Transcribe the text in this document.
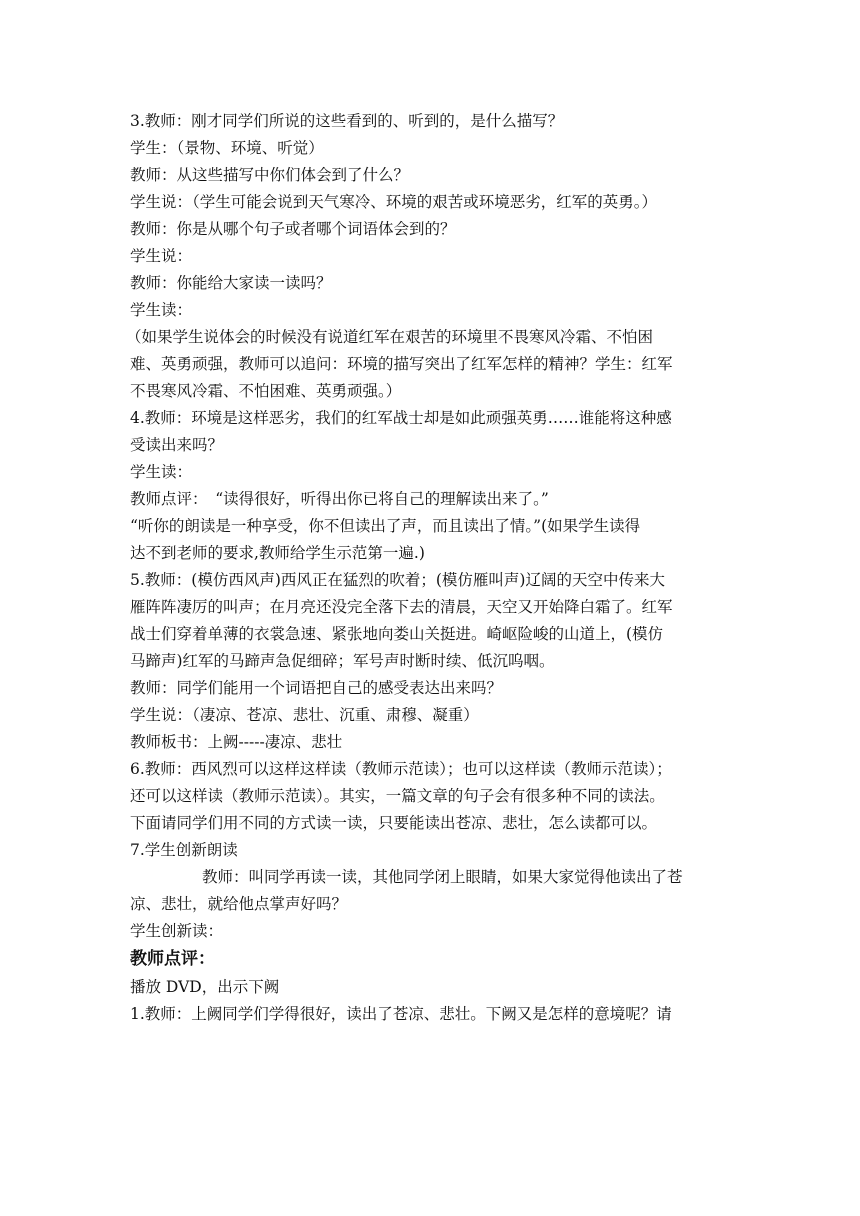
3.教师：刚才同学们所说的这些看到的、听到的，是什么描写？

学生：（景物、环境、听觉）

教师：从这些描写中你们体会到了什么？

学生说：（学生可能会说到天气寒冷、环境的艰苦或环境恶劣，红军的英勇。）

教师：你是从哪个句子或者哪个词语体会到的？

学生说：

教师：你能给大家读一读吗？

学生读：

（如果学生说体会的时候没有说道红军在艰苦的环境里不畏寒风冷霜、不怕困

难、英勇顽强，教师可以追问：环境的描写突出了红军怎样的精神？学生：红军

不畏寒风冷霜、不怕困难、英勇顽强。）

4.教师：环境是这样恶劣，我们的红军战士却是如此顽强英勇……谁能将这种感

受读出来吗？

学生读：

教师点评：　“读得很好，听得出你已将自己的理解读出来了。”

“听你的朗读是一种享受，你不但读出了声，而且读出了情。”(如果学生读得

达不到老师的要求,教师给学生示范第一遍.)

5.教师：(模仿西风声)西风正在猛烈的吹着；(模仿雁叫声)辽阔的天空中传来大

雁阵阵凄厉的叫声；在月亮还没完全落下去的清晨，天空又开始降白霜了。红军

战士们穿着单薄的衣裳急速、紧张地向娄山关挺进。崎岖险峻的山道上，(模仿

马蹄声)红军的马蹄声急促细碎；军号声时断时续、低沉呜咽。

教师：同学们能用一个词语把自己的感受表达出来吗？

学生说：（凄凉、苍凉、悲壮、沉重、肃穆、凝重）

教师板书：上阙-----凄凉、悲壮

6.教师：西风烈可以这样这样读（教师示范读）；也可以这样读（教师示范读）；

还可以这样读（教师示范读）。其实，一篇文章的句子会有很多种不同的读法。

下面请同学们用不同的方式读一读，只要能读出苍凉、悲壮，怎么读都可以。

7.学生创新朗读

教师：叫同学再读一读，其他同学闭上眼睛，如果大家觉得他读出了苍

凉、悲壮，就给他点掌声好吗？

学生创新读：

教师点评：

播放 DVD，出示下阙

1.教师：上阙同学们学得很好，读出了苍凉、悲壮。下阙又是怎样的意境呢？请
